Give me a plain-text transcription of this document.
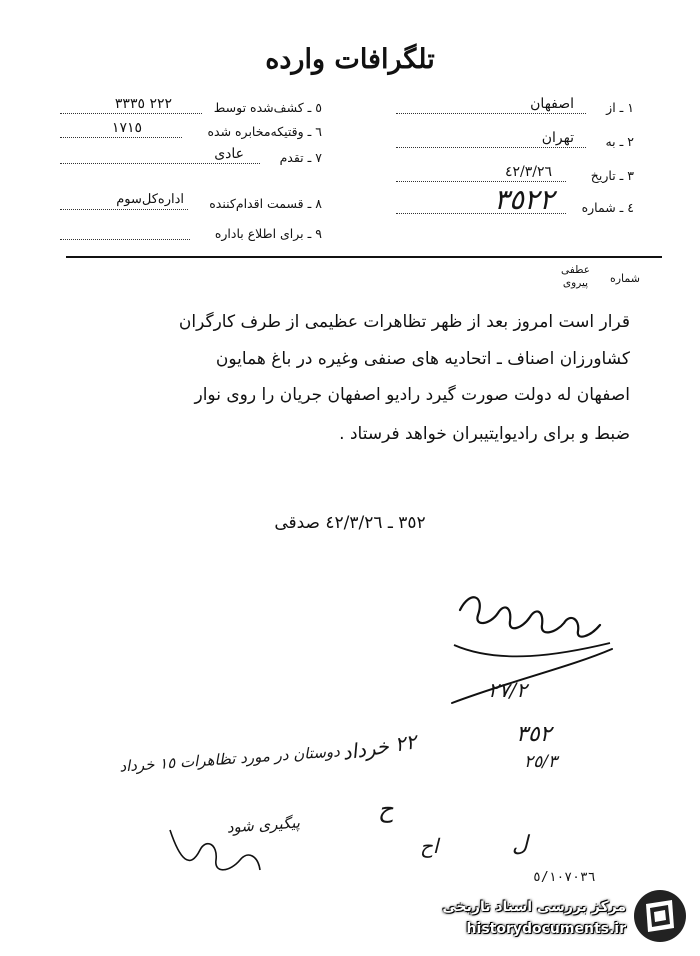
تلگرافات وارده
١ ـ از
اصفهان
٢ ـ به
تهران
٣ ـ تاریخ
٤٢/٣/٢٦
٤ ـ شماره
٣٥٢٢
٥ ـ کشف‌شده توسط
٢٢٢ ٣٣٣٥
٦ ـ وقتیکه‌مخابره شده
١٧١٥
٧ ـ تقدم
عادی
٨ ـ قسمت اقدام‌کننده
اداره‌کل‌سوم
٩ ـ برای اطلاع باداره
شماره
عطفی
پیروی
قرار است امروز بعد از ظهر تظاهرات عظیمی از طرف کارگران
کشاورزان اصناف ـ اتحادیه های صنفی وغیره در باغ همایون
اصفهان له دولت صورت گیرد رادیو اصفهان جریان را روی نوار
ضبط و برای رادیوایتیبران خواهد فرستاد .
٣٥٢ ـ ٤٢/٣/٢٦ صدقی
٢٧/٢
٢٢ خرداد	٣٥٢
٢٥/٣
دوستان در مورد تظاهرات ١٥ خرداد
پیگیری شود
ح
اح	ل
٥/١٠٧٠٣٦
مرکز بررسی اسناد تاریخی
historydocuments.ir
